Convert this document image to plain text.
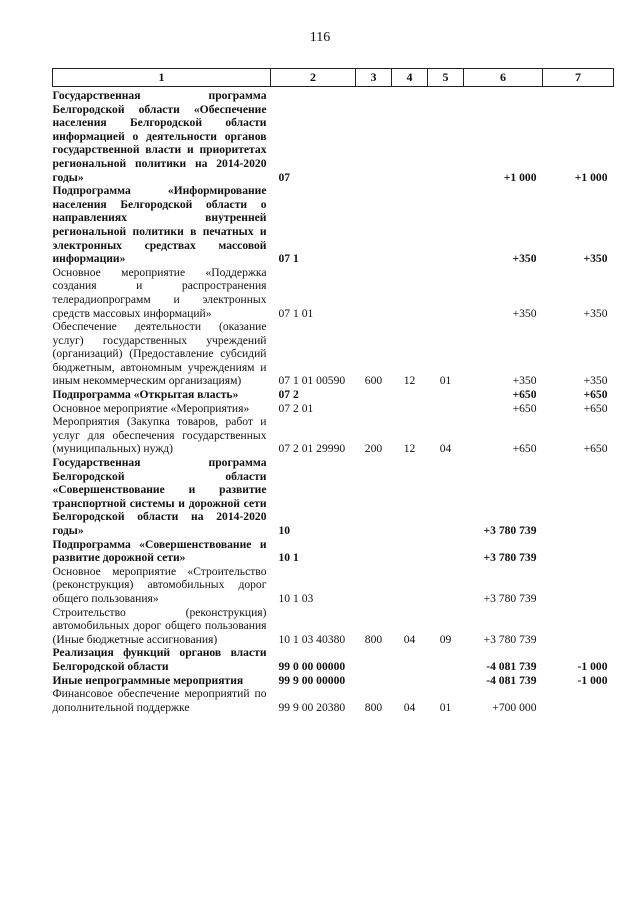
116
1	2	3	4	5	6	7

Государственная программа Белгородской области «Обеспечение населения Белгородской области информацией о деятельности органов государственной власти и приоритетах региональной политики на 2014-2020 годы»	07				+1 000	+1 000
Подпрограмма «Информирование населения Белгородской области о направлениях внутренней региональной политики в печатных и электронных средствах массовой информации»	07 1				+350	+350
Основное мероприятие «Поддержка создания и распространения телерадиопрограмм и электронных средств массовых информаций»	07 1 01				+350	+350
Обеспечение деятельности (оказание услуг) государственных учреждений (организаций) (Предоставление субсидий бюджетным, автономным учреждениям и иным некоммерческим организациям)	07 1 01 00590	600	12	01	+350	+350
Подпрограмма «Открытая власть»	07 2				+650	+650
Основное мероприятие «Мероприятия»	07 2 01				+650	+650
Мероприятия (Закупка товаров, работ и услуг для обеспечения государственных (муниципальных) нужд)	07 2 01 29990	200	12	04	+650	+650
Государственная программа Белгородской области «Совершенствование и развитие транспортной системы и дорожной сети Белгородской области на 2014-2020 годы»	10				+3 780 739	
Подпрограмма «Совершенствование и развитие дорожной сети»	10 1				+3 780 739	
Основное мероприятие «Строительство (реконструкция) автомобильных дорог общего пользования»	10 1 03				+3 780 739	
Строительство (реконструкция) автомобильных дорог общего пользования (Иные бюджетные ассигнования)	10 1 03 40380	800	04	09	+3 780 739	
Реализация функций органов власти Белгородской области	99 0 00 00000				-4 081 739	-1 000
Иные непрограммные мероприятия	99 9 00 00000				-4 081 739	-1 000
Финансовое обеспечение мероприятий по дополнительной поддержке	99 9 00 20380	800	04	01	+700 000	
